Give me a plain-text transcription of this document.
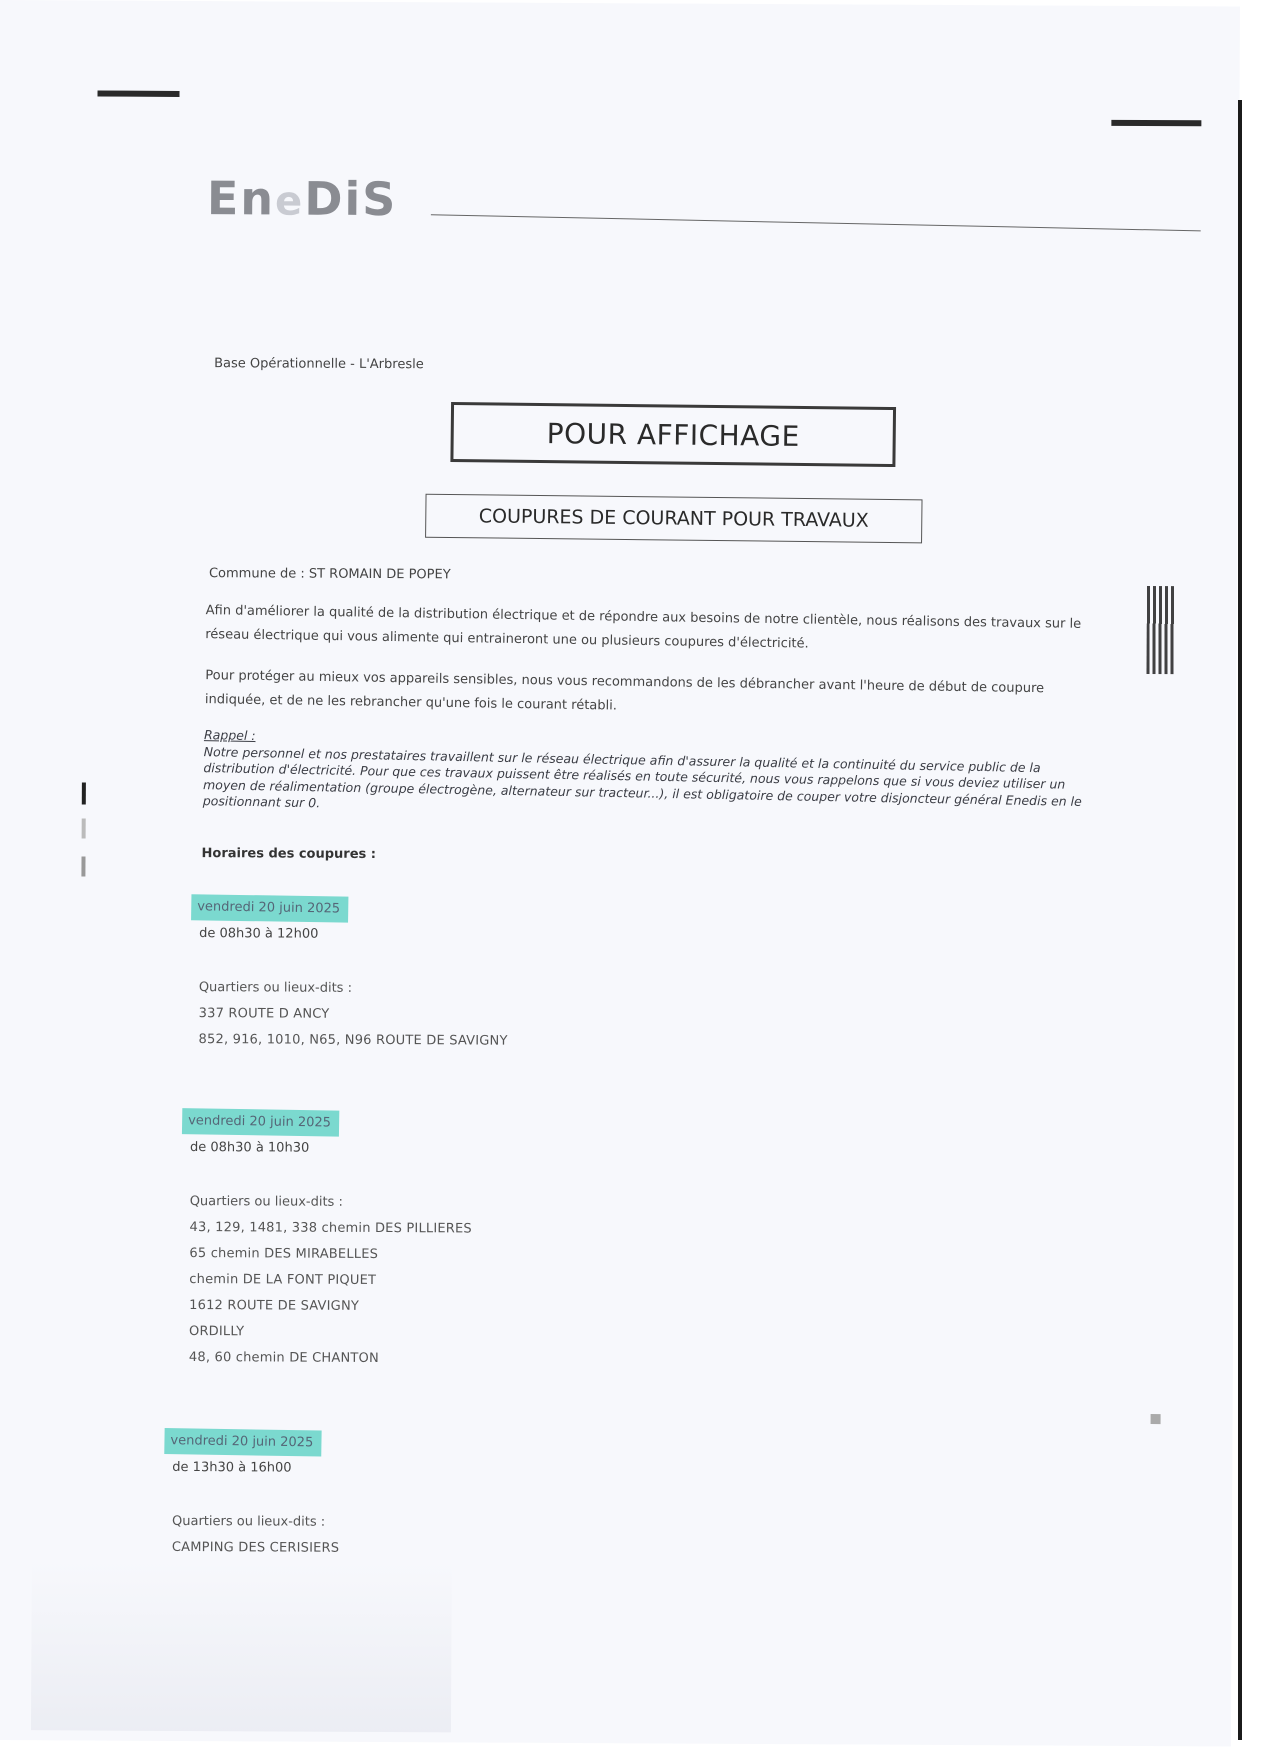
EneDiS
Base Opérationnelle - L'Arbresle
POUR AFFICHAGE
COUPURES DE COURANT POUR TRAVAUX
Commune de : ST ROMAIN DE POPEY

Afin d'améliorer la qualité de la distribution électrique et de répondre aux besoins de notre clientèle, nous réalisons des travaux sur le réseau électrique qui vous alimente qui entraineront une ou plusieurs coupures d'électricité.

Pour protéger au mieux vos appareils sensibles, nous vous recommandons de les débrancher avant l'heure de début de coupure indiquée, et de ne les rebrancher qu'une fois le courant rétabli.

Rappel :
Notre personnel et nos prestataires travaillent sur le réseau électrique afin d'assurer la qualité et la continuité du service public de la distribution d'électricité. Pour que ces travaux puissent être réalisés en toute sécurité, nous vous rappelons que si vous deviez utiliser un moyen de réalimentation (groupe électrogène, alternateur sur tracteur...), il est obligatoire de couper votre disjoncteur général Enedis en le positionnant sur 0.
Horaires des coupures :
vendredi 20 juin 2025
de 08h30 à 12h00
Quartiers ou lieux-dits :
337 ROUTE D ANCY
852, 916, 1010, N65, N96 ROUTE DE SAVIGNY
vendredi 20 juin 2025
de 08h30 à 10h30
Quartiers ou lieux-dits :
43, 129, 1481, 338 chemin DES PILLIERES
65 chemin DES MIRABELLES
chemin DE LA FONT PIQUET
1612 ROUTE DE SAVIGNY
ORDILLY
48, 60 chemin DE CHANTON
vendredi 20 juin 2025
de 13h30 à 16h00
Quartiers ou lieux-dits :
CAMPING DES CERISIERS
